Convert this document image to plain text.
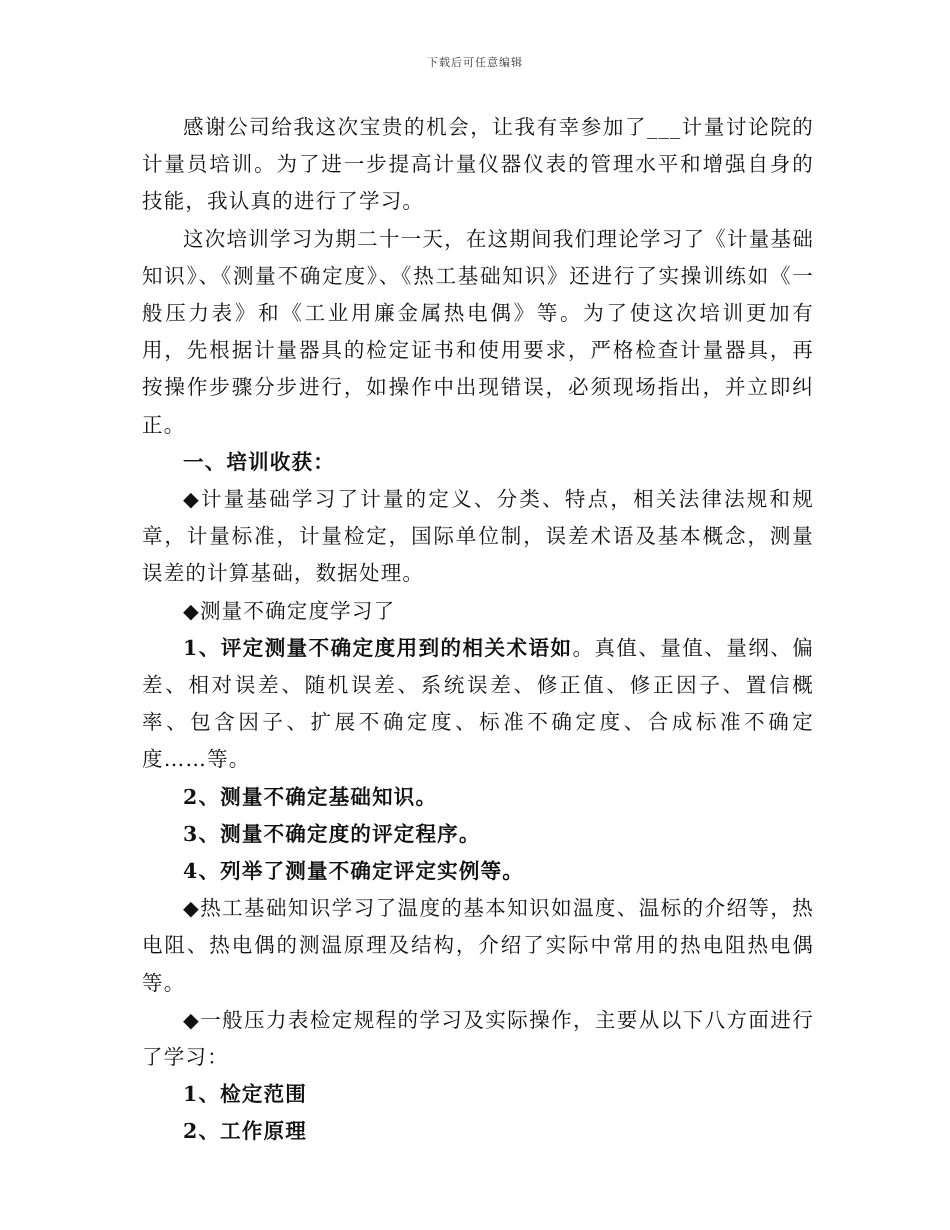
下载后可任意编辑

感谢公司给我这次宝贵的机会，让我有幸参加了___计量讨论院的计量员培训。为了进一步提高计量仪器仪表的管理水平和增强自身的技能，我认真的进行了学习。

这次培训学习为期二十一天，在这期间我们理论学习了《计量基础知识》、《测量不确定度》、《热工基础知识》还进行了实操训练如《一般压力表》和《工业用廉金属热电偶》等。为了使这次培训更加有用，先根据计量器具的检定证书和使用要求，严格检查计量器具，再按操作步骤分步进行，如操作中出现错误，必须现场指出，并立即纠正。

一、培训收获：

◆计量基础学习了计量的定义、分类、特点，相关法律法规和规章，计量标准，计量检定，国际单位制，误差术语及基本概念，测量误差的计算基础，数据处理。

◆测量不确定度学习了

1、评定测量不确定度用到的相关术语如。真值、量值、量纲、偏差、相对误差、随机误差、系统误差、修正值、修正因子、置信概率、包含因子、扩展不确定度、标准不确定度、合成标准不确定度……等。

2、测量不确定基础知识。

3、测量不确定度的评定程序。

4、列举了测量不确定评定实例等。

◆热工基础知识学习了温度的基本知识如温度、温标的介绍等，热电阻、热电偶的测温原理及结构，介绍了实际中常用的热电阻热电偶等。

◆一般压力表检定规程的学习及实际操作，主要从以下八方面进行了学习：

1、检定范围

2、工作原理
